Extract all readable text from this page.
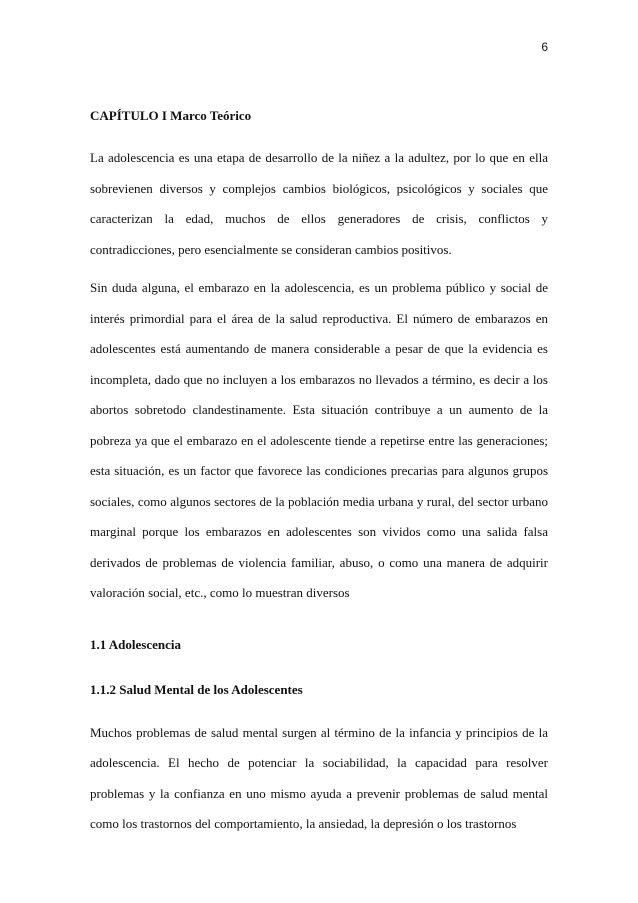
6
CAPÍTULO I Marco Teórico

La adolescencia es una etapa de desarrollo de la niñez a la adultez, por lo que en ella sobrevienen diversos y complejos cambios biológicos, psicológicos y sociales que caracterizan la edad, muchos de ellos generadores de crisis, conflictos y contradicciones, pero esencialmente se consideran cambios positivos.

Sin duda alguna, el embarazo en la adolescencia, es un problema público y social de interés primordial para el área de la salud reproductiva. El número de embarazos en adolescentes está aumentando de manera considerable a pesar de que la evidencia es incompleta, dado que no incluyen a los embarazos no llevados a término, es decir a los abortos sobretodo clandestinamente. Esta situación contribuye a un aumento de la pobreza ya que el embarazo en el adolescente tiende a repetirse entre las generaciones; esta situación, es un factor que favorece las condiciones precarias para algunos grupos sociales, como algunos sectores de la población media urbana y rural, del sector urbano marginal porque los embarazos en adolescentes son vividos como una salida falsa derivados de problemas de violencia familiar, abuso, o como una manera de adquirir valoración social, etc., como lo muestran diversos

1.1 Adolescencia
1.1.2 Salud Mental de los Adolescentes

Muchos problemas de salud mental surgen al término de la infancia y principios de la adolescencia. El hecho de potenciar la sociabilidad, la capacidad para resolver problemas y la confianza en uno mismo ayuda a prevenir problemas de salud mental como los trastornos del comportamiento, la ansiedad, la depresión o los trastornos
